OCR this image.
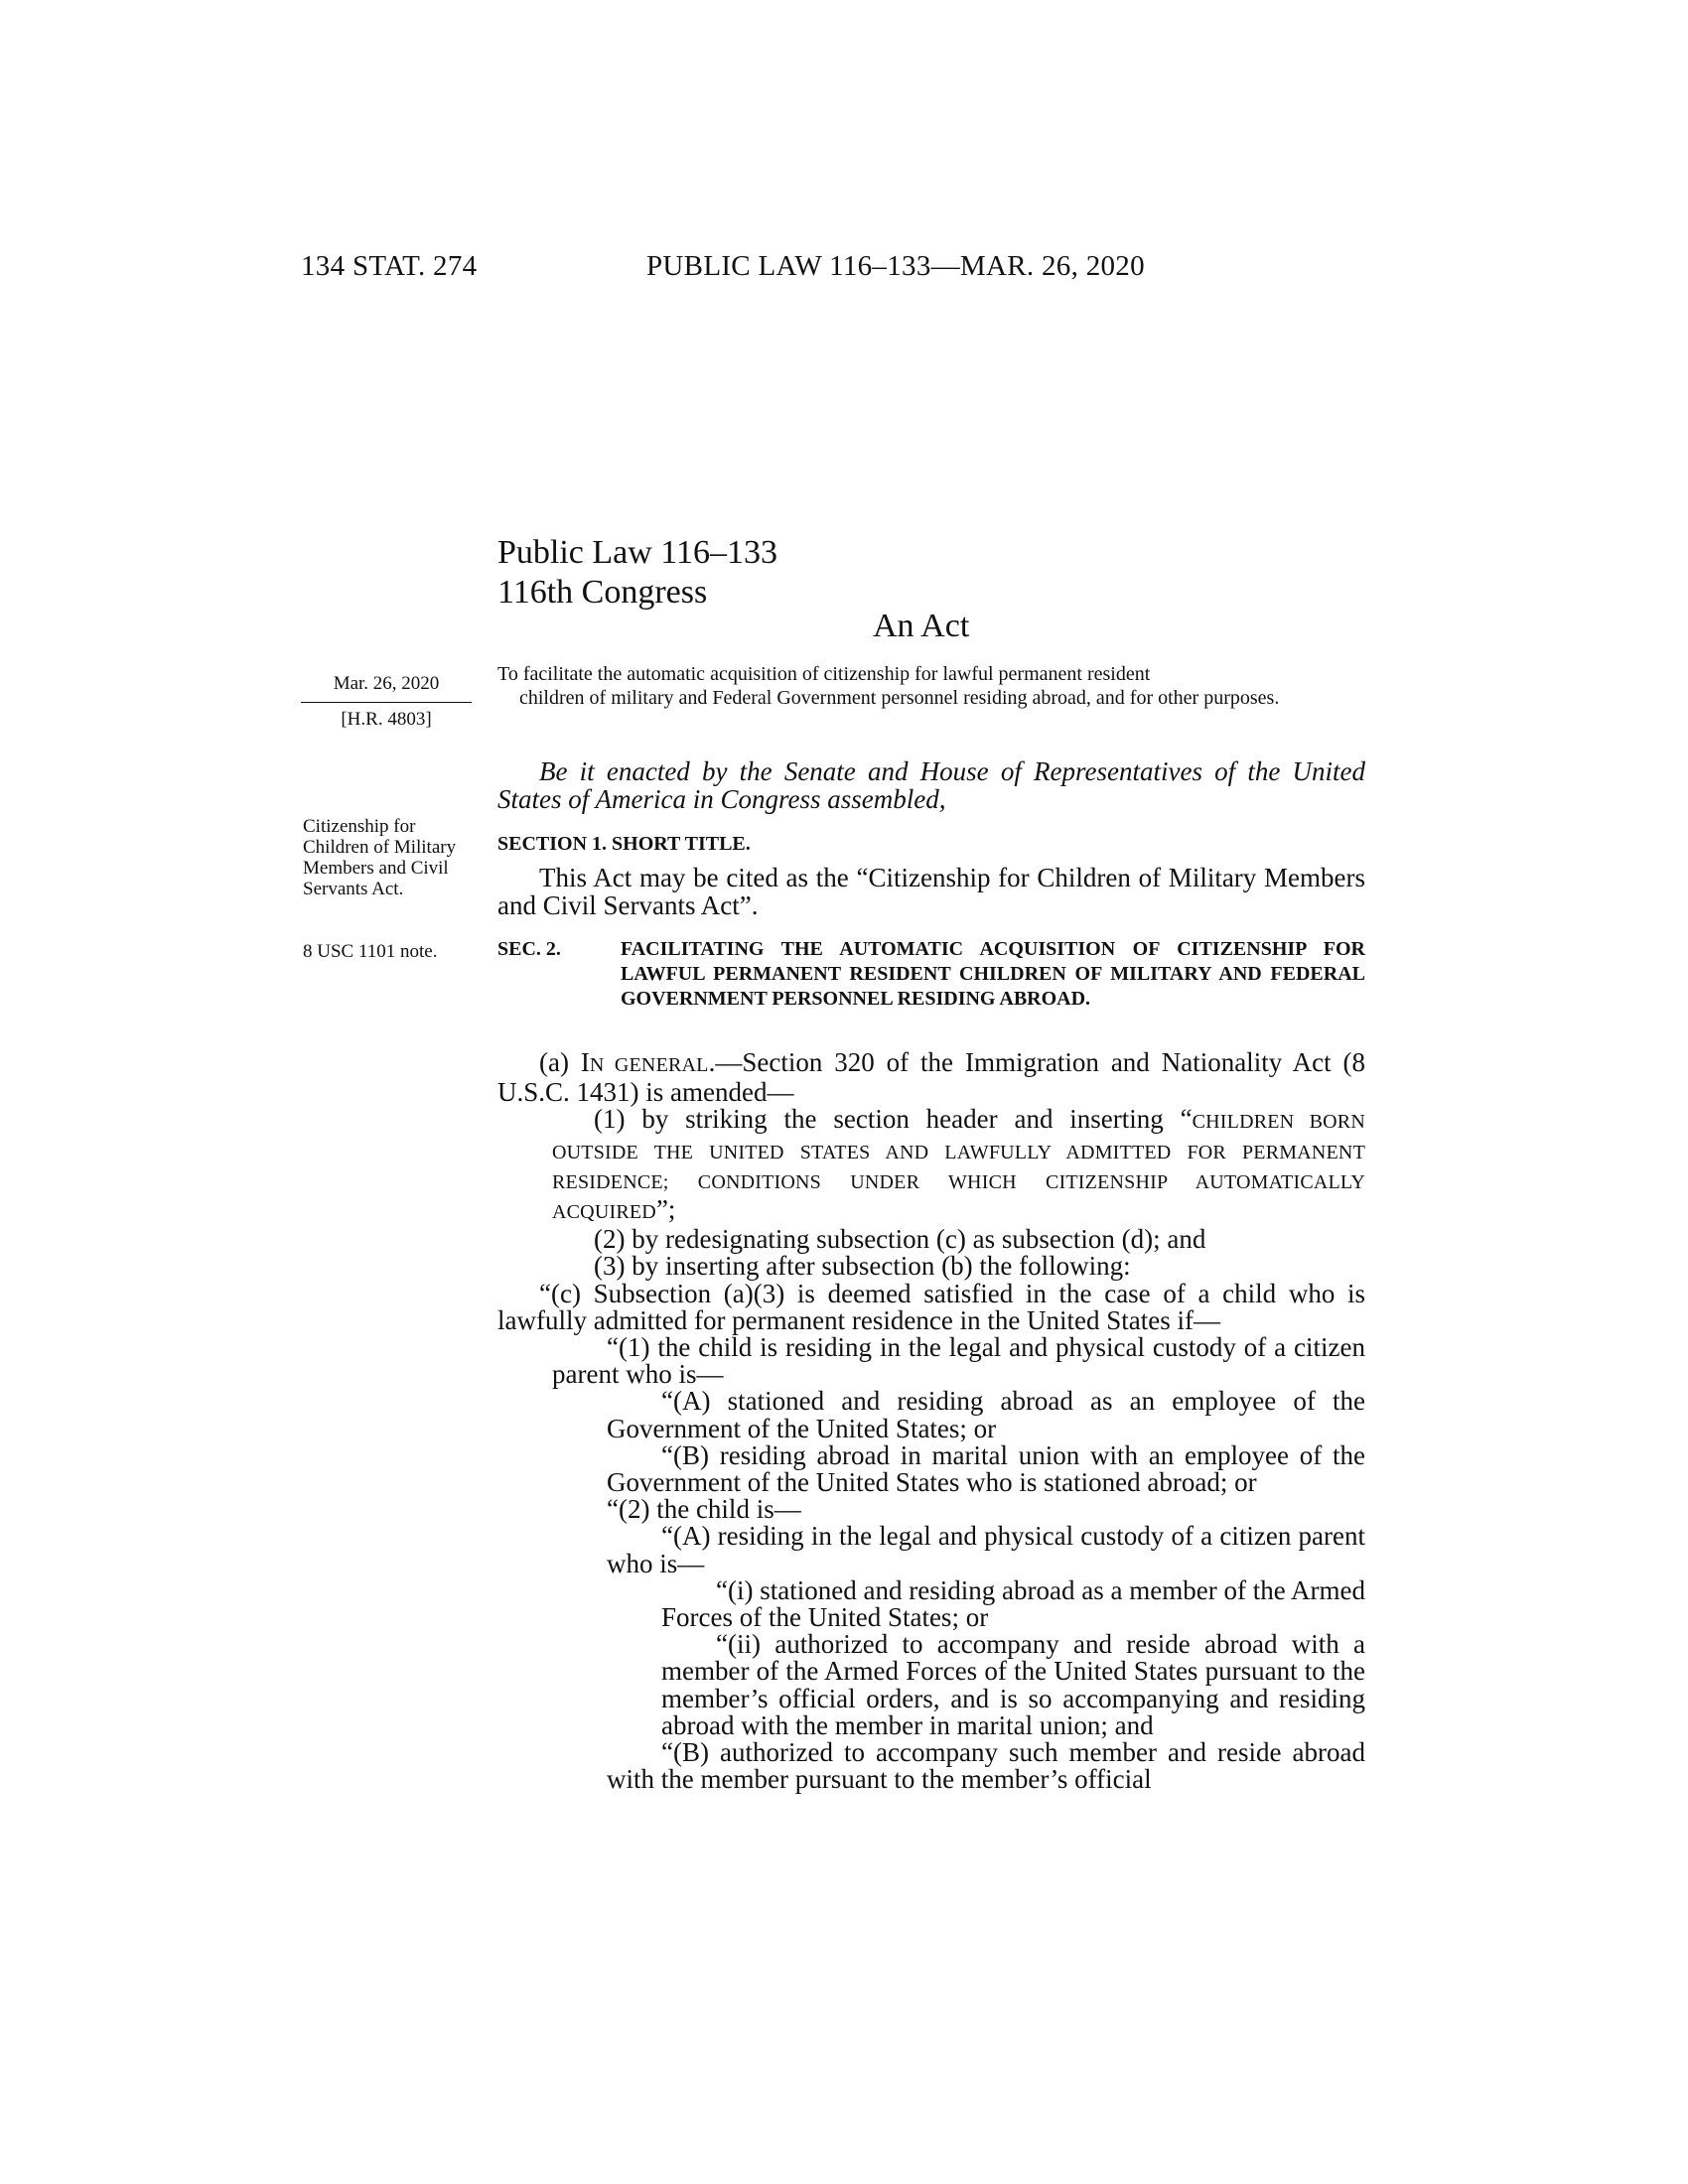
134 STAT. 274	PUBLIC LAW 116–133—MAR. 26, 2020
Public Law 116–133
116th Congress
An Act
Mar. 26, 2020
[H.R. 4803]
Citizenship for Children of Military Members and Civil Servants Act.
8 USC 1101 note.
To facilitate the automatic acquisition of citizenship for lawful permanent resident
children of military and Federal Government personnel residing abroad, and for other purposes.
Be it enacted by the Senate and House of Representatives of the United States of America in Congress assembled,
SECTION 1. SHORT TITLE.
This Act may be cited as the “Citizenship for Children of Military Members and Civil Servants Act”.
SEC. 2.	FACILITATING THE AUTOMATIC ACQUISITION OF CITIZENSHIP FOR LAWFUL PERMANENT RESIDENT CHILDREN OF MILITARY AND FEDERAL GOVERNMENT PERSONNEL RESIDING ABROAD.

(a) IN GENERAL.—Section 320 of the Immigration and Nationality Act (8 U.S.C. 1431) is amended—

(1) by striking the section header and inserting “CHILDREN BORN OUTSIDE THE UNITED STATES AND LAWFULLY ADMITTED FOR PERMANENT RESIDENCE; CONDITIONS UNDER WHICH CITIZENSHIP AUTOMATICALLY ACQUIRED”;

(2) by redesignating subsection (c) as subsection (d); and

(3) by inserting after subsection (b) the following:

“(c) Subsection (a)(3) is deemed satisfied in the case of a child who is lawfully admitted for permanent residence in the United States if—

“(1) the child is residing in the legal and physical custody of a citizen parent who is—

“(A) stationed and residing abroad as an employee of the Government of the United States; or

“(B) residing abroad in marital union with an employee of the Government of the United States who is stationed abroad; or

“(2) the child is—

“(A) residing in the legal and physical custody of a citizen parent who is—

“(i) stationed and residing abroad as a member of the Armed Forces of the United States; or

“(ii) authorized to accompany and reside abroad with a member of the Armed Forces of the United States pursuant to the member’s official orders, and is so accompanying and residing abroad with the member in marital union; and

“(B) authorized to accompany such member and reside abroad with the member pursuant to the member’s official
